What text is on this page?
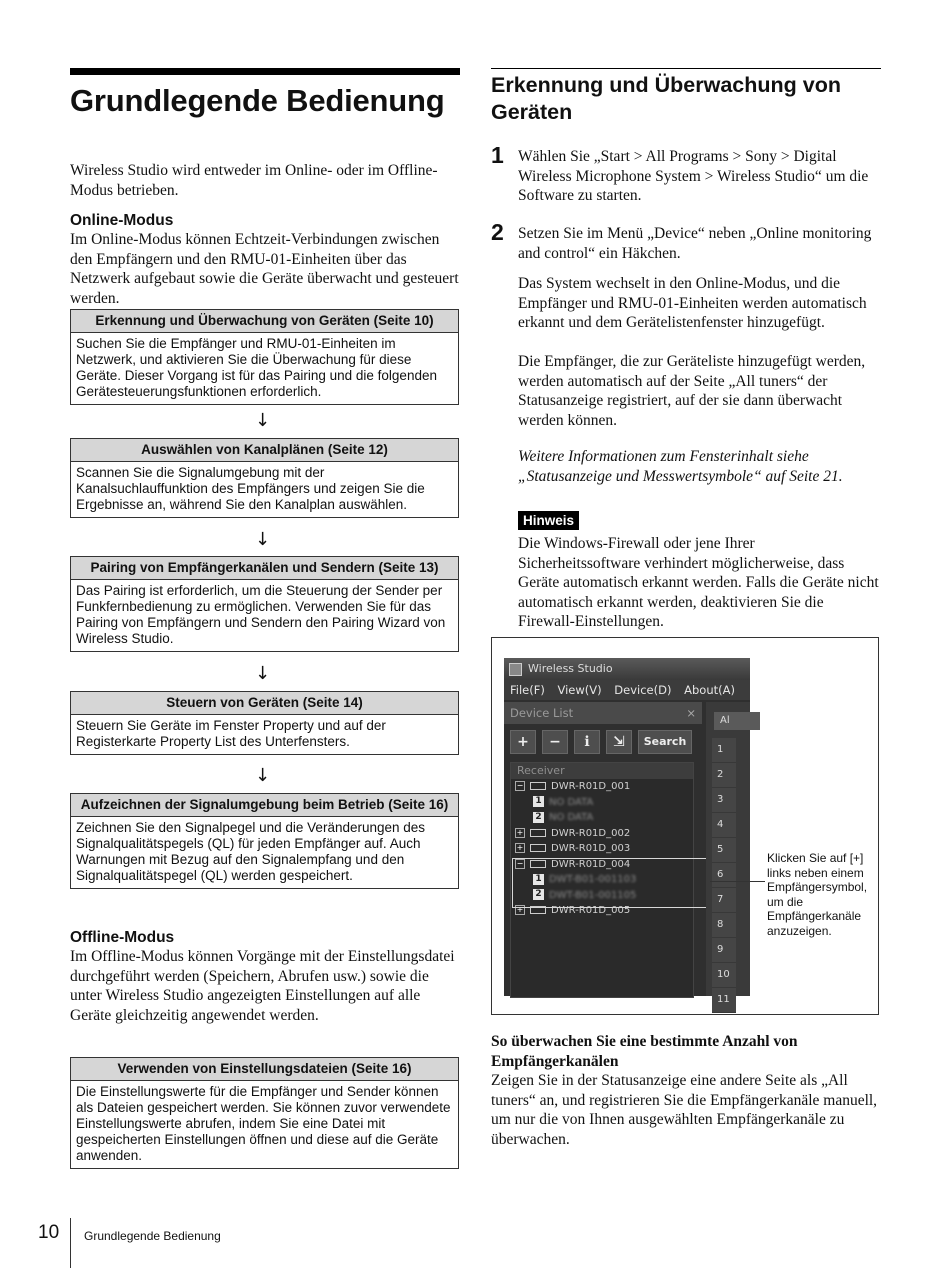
Grundlegende Bedienung

Wireless Studio wird entweder im Online- oder im Offline-Modus betrieben.

Online-Modus

Im Online-Modus können Echtzeit-Verbindungen zwischen den Empfängern und den RMU-01-Einheiten über das Netzwerk aufgebaut sowie die Geräte überwacht und gesteuert werden.

Erkennung und Überwachung von Geräten (Seite 10)
Suchen Sie die Empfänger und RMU-01-Einheiten im Netzwerk, und aktivieren Sie die Überwachung für diese Geräte. Dieser Vorgang ist für das Pairing und die folgenden Gerätesteuerungsfunktionen erforderlich.
↓
Auswählen von Kanalplänen (Seite 12)
Scannen Sie die Signalumgebung mit der Kanalsuchlauffunktion des Empfängers und zeigen Sie die Ergebnisse an, während Sie den Kanalplan auswählen.
↓
Pairing von Empfängerkanälen und Sendern (Seite 13)
Das Pairing ist erforderlich, um die Steuerung der Sender per Funkfernbedienung zu ermöglichen. Verwenden Sie für das Pairing von Empfängern und Sendern den Pairing Wizard von Wireless Studio.
↓
Steuern von Geräten (Seite 14)
Steuern Sie Geräte im Fenster Property und auf der Registerkarte Property List des Unterfensters.
↓
Aufzeichnen der Signalumgebung beim Betrieb (Seite 16)
Zeichnen Sie den Signalpegel und die Veränderungen des Signalqualitätspegels (QL) für jeden Empfänger auf. Auch Warnungen mit Bezug auf den Signalempfang und den Signalqualitätspegel (QL) werden gespeichert.
Offline-Modus

Im Offline-Modus können Vorgänge mit der Einstellungsdatei durchgeführt werden (Speichern, Abrufen usw.) sowie die unter Wireless Studio angezeigten Einstellungen auf alle Geräte gleichzeitig angewendet werden.

Verwenden von Einstellungsdateien (Seite 16)
Die Einstellungswerte für die Empfänger und Sender können als Dateien gespeichert werden. Sie können zuvor verwendete Einstellungswerte abrufen, indem Sie eine Datei mit gespeicherten Einstellungen öffnen und diese auf die Geräte anwenden.
Erkennung und Überwachung von Geräten
1 Wählen Sie „Start > All Programs > Sony > Digital Wireless Microphone System > Wireless Studio“ um die Software zu starten.
2 Setzen Sie im Menü „Device“ neben „Online monitoring and control“ ein Häkchen.
Das System wechselt in den Online-Modus, und die Empfänger und RMU-01-Einheiten werden automatisch erkannt und dem Gerätelistenfenster hinzugefügt.
Die Empfänger, die zur Geräteliste hinzugefügt werden, werden automatisch auf der Seite „All tuners“ der Statusanzeige registriert, auf der sie dann überwacht werden können.
Weitere Informationen zum Fensterinhalt siehe „Statusanzeige und Messwertsymbole“ auf Seite 21.
Hinweis
Die Windows-Firewall oder jene Ihrer Sicherheitssoftware verhindert möglicherweise, dass Geräte automatisch erkannt werden. Falls die Geräte nicht automatisch erkannt werden, deaktivieren Sie die Firewall-Einstellungen.
Wireless Studio
File(F) View(V) Device(D) About(A)
Device List	×
+	−	ℹ	⇲	Search
Receiver
−	DWR-R01D_001
1 NO DATA
2 NO DATA
+	DWR-R01D_002
+	DWR-R01D_003
−	DWR-R01D_004
1 DWT-B01-001103
2 DWT-B01-001105
+	DWR-R01D_005
Al
1
2
3
4
5
6
7
8
9
10
11
Klicken Sie auf [+] links neben einem Empfängersymbol, um die Empfängerkanäle anzuzeigen.
So überwachen Sie eine bestimmte Anzahl von Empfängerkanälen
Zeigen Sie in der Statusanzeige eine andere Seite als „All tuners“ an, und registrieren Sie die Empfängerkanäle manuell, um nur die von Ihnen ausgewählten Empfängerkanäle zu überwachen.
10 Grundlegende Bedienung
